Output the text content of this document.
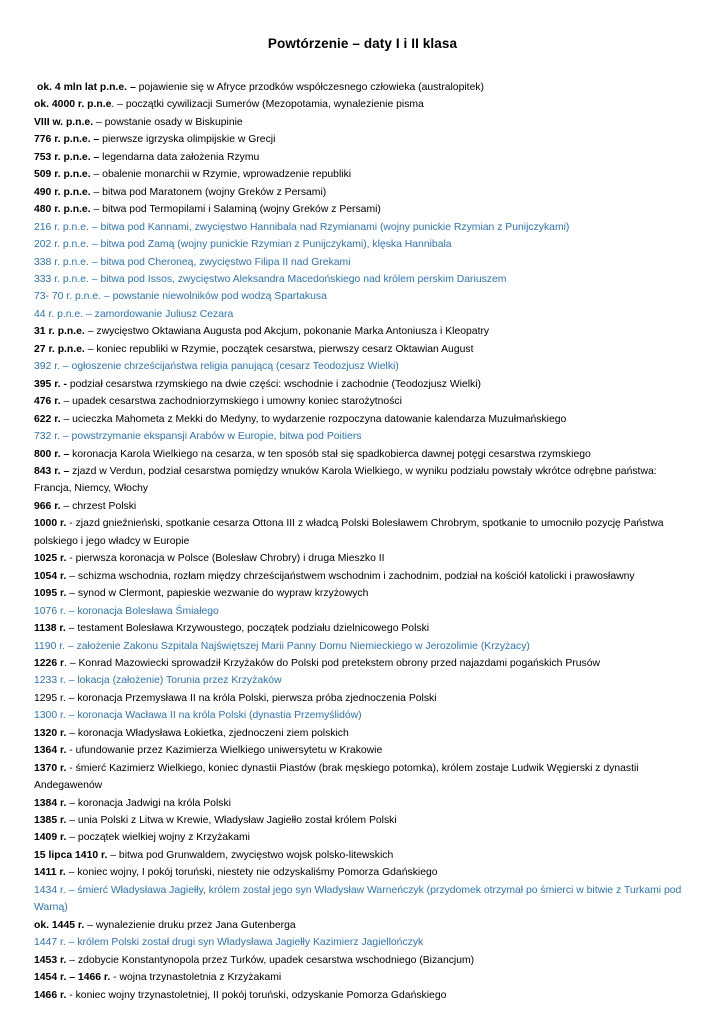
Powtórzenie – daty I i II klasa

ok. 4 mln lat p.n.e. – pojawienie się w Afryce przodków współczesnego człowieka (australopitek)

ok. 4000 r. p.n.e. – początki cywilizacji Sumerów (Mezopotamia, wynalezienie pisma

VIII w. p.n.e. – powstanie osady w Biskupinie

776 r. p.n.e. – pierwsze igrzyska olimpijskie w Grecji

753 r. p.n.e. – legendarna data założenia Rzymu

509 r. p.n.e. – obalenie monarchii w Rzymie, wprowadzenie republiki

490 r. p.n.e. – bitwa pod Maratonem (wojny Greków z Persami)

480 r. p.n.e. – bitwa pod Termopilami i Salaminą (wojny Greków z Persami)

216 r. p.n.e. – bitwa pod Kannami, zwycięstwo Hannibala nad Rzymianami (wojny punickie Rzymian z Punijczykami)

202 r. p.n.e. – bitwa pod Zamą (wojny punickie Rzymian z Punijczykami), klęska Hannibala

338 r. p.n.e. – bitwa pod Cheroneą, zwycięstwo Filipa II nad Grekami

333 r. p.n.e. – bitwa pod Issos, zwycięstwo Aleksandra Macedońskiego nad królem perskim Dariuszem

73- 70 r. p.n.e. – powstanie niewolników pod wodzą Spartakusa

44 r. p.n.e. – zamordowanie Juliusz Cezara

31 r. p.n.e. – zwycięstwo Oktawiana Augusta pod Akcjum, pokonanie Marka Antoniusza i Kleopatry

27 r. p.n.e. – koniec republiki w Rzymie, początek cesarstwa, pierwszy cesarz Oktawian August

392 r. – ogłoszenie chrześcijaństwa religia panującą (cesarz Teodozjusz Wielki)

395 r. - podział cesarstwa rzymskiego na dwie części: wschodnie i zachodnie (Teodozjusz Wielki)

476 r. – upadek cesarstwa zachodniorzymskiego i umowny koniec starożytności

622 r. – ucieczka Mahometa z Mekki do Medyny, to wydarzenie rozpoczyna datowanie kalendarza Muzułmańskiego

732 r. – powstrzymanie ekspansji Arabów w Europie, bitwa pod Poitiers

800 r. – koronacja Karola Wielkiego na cesarza, w ten sposób stał się spadkobierca dawnej potęgi cesarstwa rzymskiego

843 r. – zjazd w Verdun, podział cesarstwa pomiędzy wnuków Karola Wielkiego, w wyniku podziału powstały wkrótce odrębne państwa: Francja, Niemcy, Włochy

966 r. – chrzest Polski

1000 r. - zjazd gnieźnieński, spotkanie cesarza Ottona III z władcą Polski Bolesławem Chrobrym, spotkanie to umocniło pozycję Państwa polskiego i jego władcy w Europie

1025 r. - pierwsza koronacja w Polsce (Bolesław Chrobry) i druga Mieszko II

1054 r. – schizma wschodnia, rozłam między chrześcijaństwem wschodnim i zachodnim, podział na kościół katolicki i prawosławny

1095 r. – synod w Clermont, papieskie wezwanie do wypraw krzyżowych

1076 r. – koronacja Bolesława Śmiałego

1138 r. – testament Bolesława Krzywoustego, początek podziału dzielnicowego Polski

1190 r. – założenie Zakonu Szpitala Najświętszej Marii Panny Domu Niemieckiego w Jerozolimie (Krzyżacy)

1226 r. – Konrad Mazowiecki sprowadził Krzyżaków do Polski pod pretekstem obrony przed najazdami pogańskich Prusów

1233 r. – lokacja (założenie) Torunia przez Krzyżaków

1295 r. – koronacja Przemysława II na króla Polski, pierwsza próba zjednoczenia Polski

1300 r. – koronacja Wacława II na króla Polski (dynastia Przemyślidów)

1320 r. – koronacja Władysława Łokietka, zjednoczeni ziem polskich

1364 r. - ufundowanie przez Kazimierza Wielkiego uniwersytetu w Krakowie

1370 r. - śmierć Kazimierz Wielkiego, koniec dynastii Piastów (brak męskiego potomka), królem zostaje Ludwik Węgierski z dynastii Andegawenów

1384 r. – koronacja Jadwigi na króla Polski

1385 r. – unia Polski z Litwa w Krewie, Władysław Jagiełło został królem Polski

1409 r. – początek wielkiej wojny z Krzyżakami

15 lipca 1410 r. – bitwa pod Grunwaldem, zwycięstwo wojsk polsko-litewskich

1411 r. – koniec wojny, I pokój toruński, niestety nie odzyskaliśmy Pomorza Gdańskiego

1434 r. – śmierć Władysława Jagiełły, królem został jego syn Władysław Warneńczyk (przydomek otrzymał po śmierci w bitwie z Turkami pod Warną)

ok. 1445 r. – wynalezienie druku przez Jana Gutenberga

1447 r. – królem Polski został drugi syn Władysława Jagiełły Kazimierz Jagiellończyk

1453 r. – zdobycie Konstantynopola przez Turków, upadek cesarstwa wschodniego (Bizancjum)

1454 r. – 1466 r. - wojna trzynastoletnia z Krzyżakami

1466 r. - koniec wojny trzynastoletniej, II pokój toruński, odzyskanie Pomorza Gdańskiego
